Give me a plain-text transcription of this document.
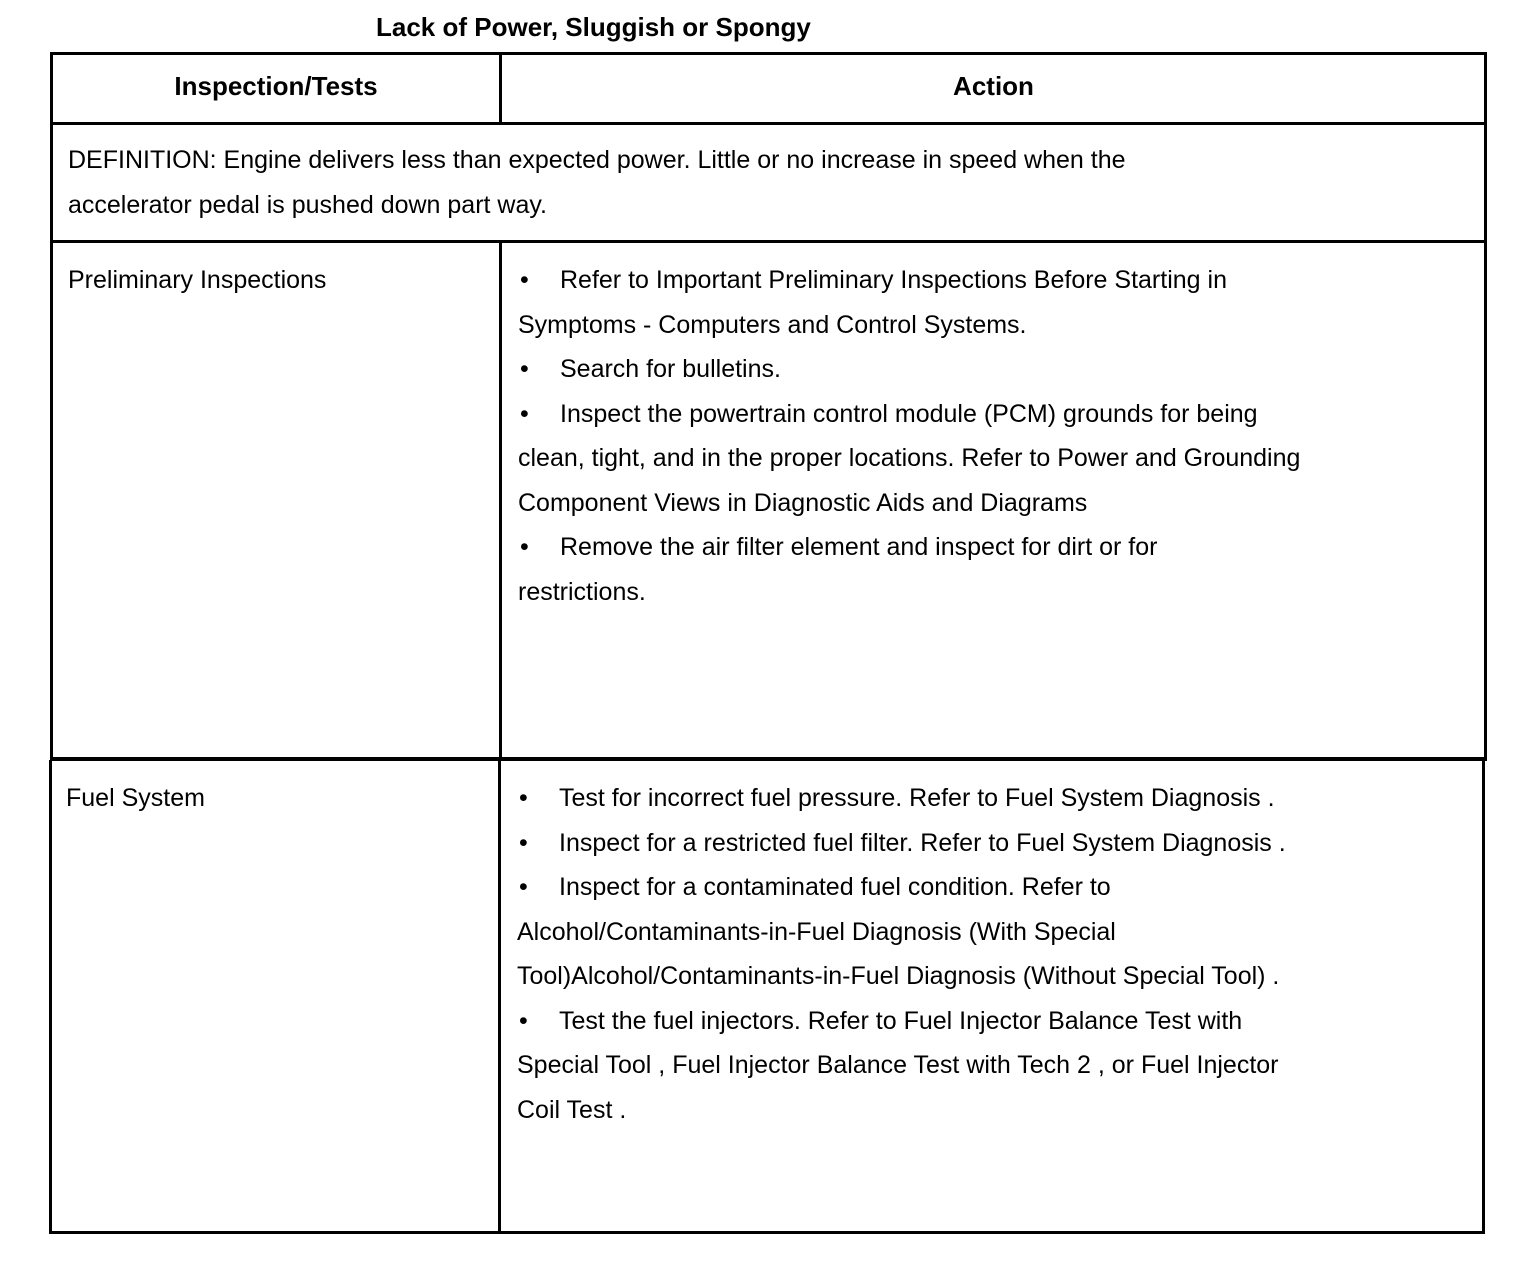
Lack of Power, Sluggish or Spongy
Inspection/Tests	Action
DEFINITION: Engine delivers less than expected power. Little or no increase in speed when the
accelerator pedal is pushed down part way.
Preliminary Inspections	• Refer to Important Preliminary Inspections Before Starting in
Symptoms - Computers and Control Systems.
• Search for bulletins.
• Inspect the powertrain control module (PCM) grounds for being
clean, tight, and in the proper locations. Refer to Power and Grounding
Component Views in Diagnostic Aids and Diagrams
• Remove the air filter element and inspect for dirt or for
restrictions.
Fuel System	• Test for incorrect fuel pressure. Refer to Fuel System Diagnosis .
• Inspect for a restricted fuel filter. Refer to Fuel System Diagnosis .
• Inspect for a contaminated fuel condition. Refer to
Alcohol/Contaminants-in-Fuel Diagnosis (With Special
Tool)Alcohol/Contaminants-in-Fuel Diagnosis (Without Special Tool) .
• Test the fuel injectors. Refer to Fuel Injector Balance Test with
Special Tool , Fuel Injector Balance Test with Tech 2 , or Fuel Injector
Coil Test .
